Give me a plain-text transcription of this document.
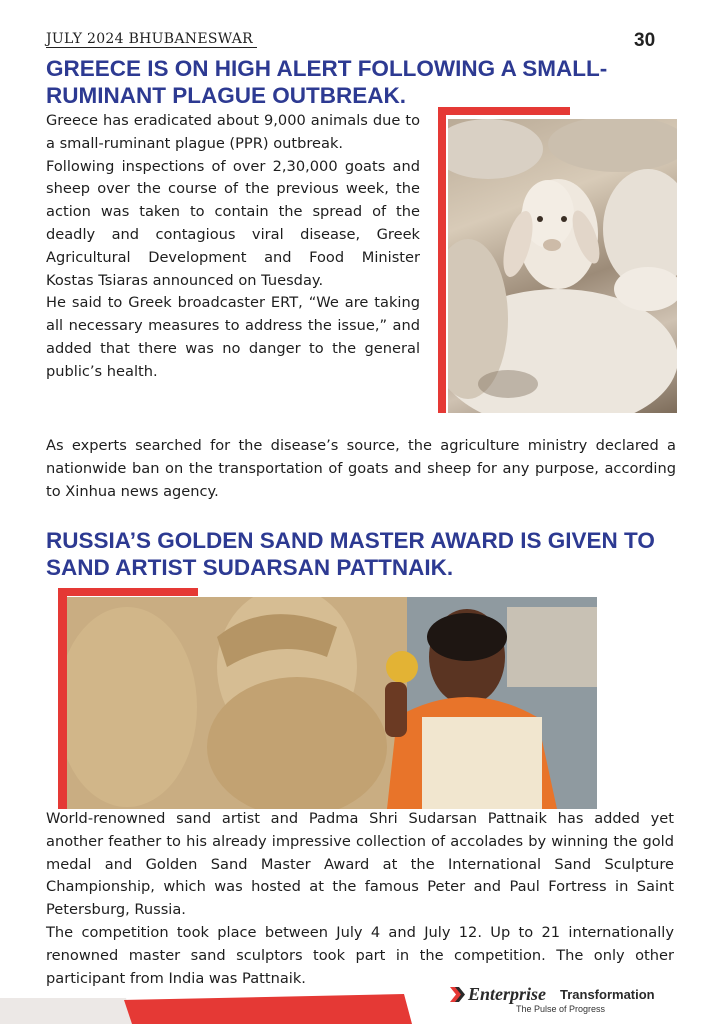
JULY 2024 BHUBANESWAR	30
GREECE IS ON HIGH ALERT FOLLOWING A SMALL-RUMINANT PLAGUE OUTBREAK.

Greece has eradicated about 9,000 animals due to a small-ruminant plague (PPR) outbreak.

Following inspections of over 2,30,000 goats and sheep over the course of the previous week, the action was taken to contain the spread of the deadly and contagious viral disease, Greek Agricultural Development and Food Minister Kostas Tsiaras announced on Tuesday.

He said to Greek broadcaster ERT, “We are taking all necessary measures to address the issue,” and added that there was no danger to the general public’s health.

As experts searched for the disease’s source, the agriculture ministry declared a nationwide ban on the transportation of goats and sheep for any purpose, according to Xinhua news agency.
RUSSIA’S GOLDEN SAND MASTER AWARD IS GIVEN TO SAND ARTIST SUDARSAN PATTNAIK.

World-renowned sand artist and Padma Shri Sudarsan Pattnaik has added yet another feather to his already impressive collection of accolades by winning the gold medal and Golden Sand Master Award at the International Sand Sculpture Championship, which was hosted at the famous Peter and Paul Fortress in Saint Petersburg, Russia.

The competition took place between July 4 and July 12. Up to 21 internationally renowned master sand sculptors took part in the competition. The only other participant from India was Pattnaik.

Enterprise Transformation
The Pulse of Progress
